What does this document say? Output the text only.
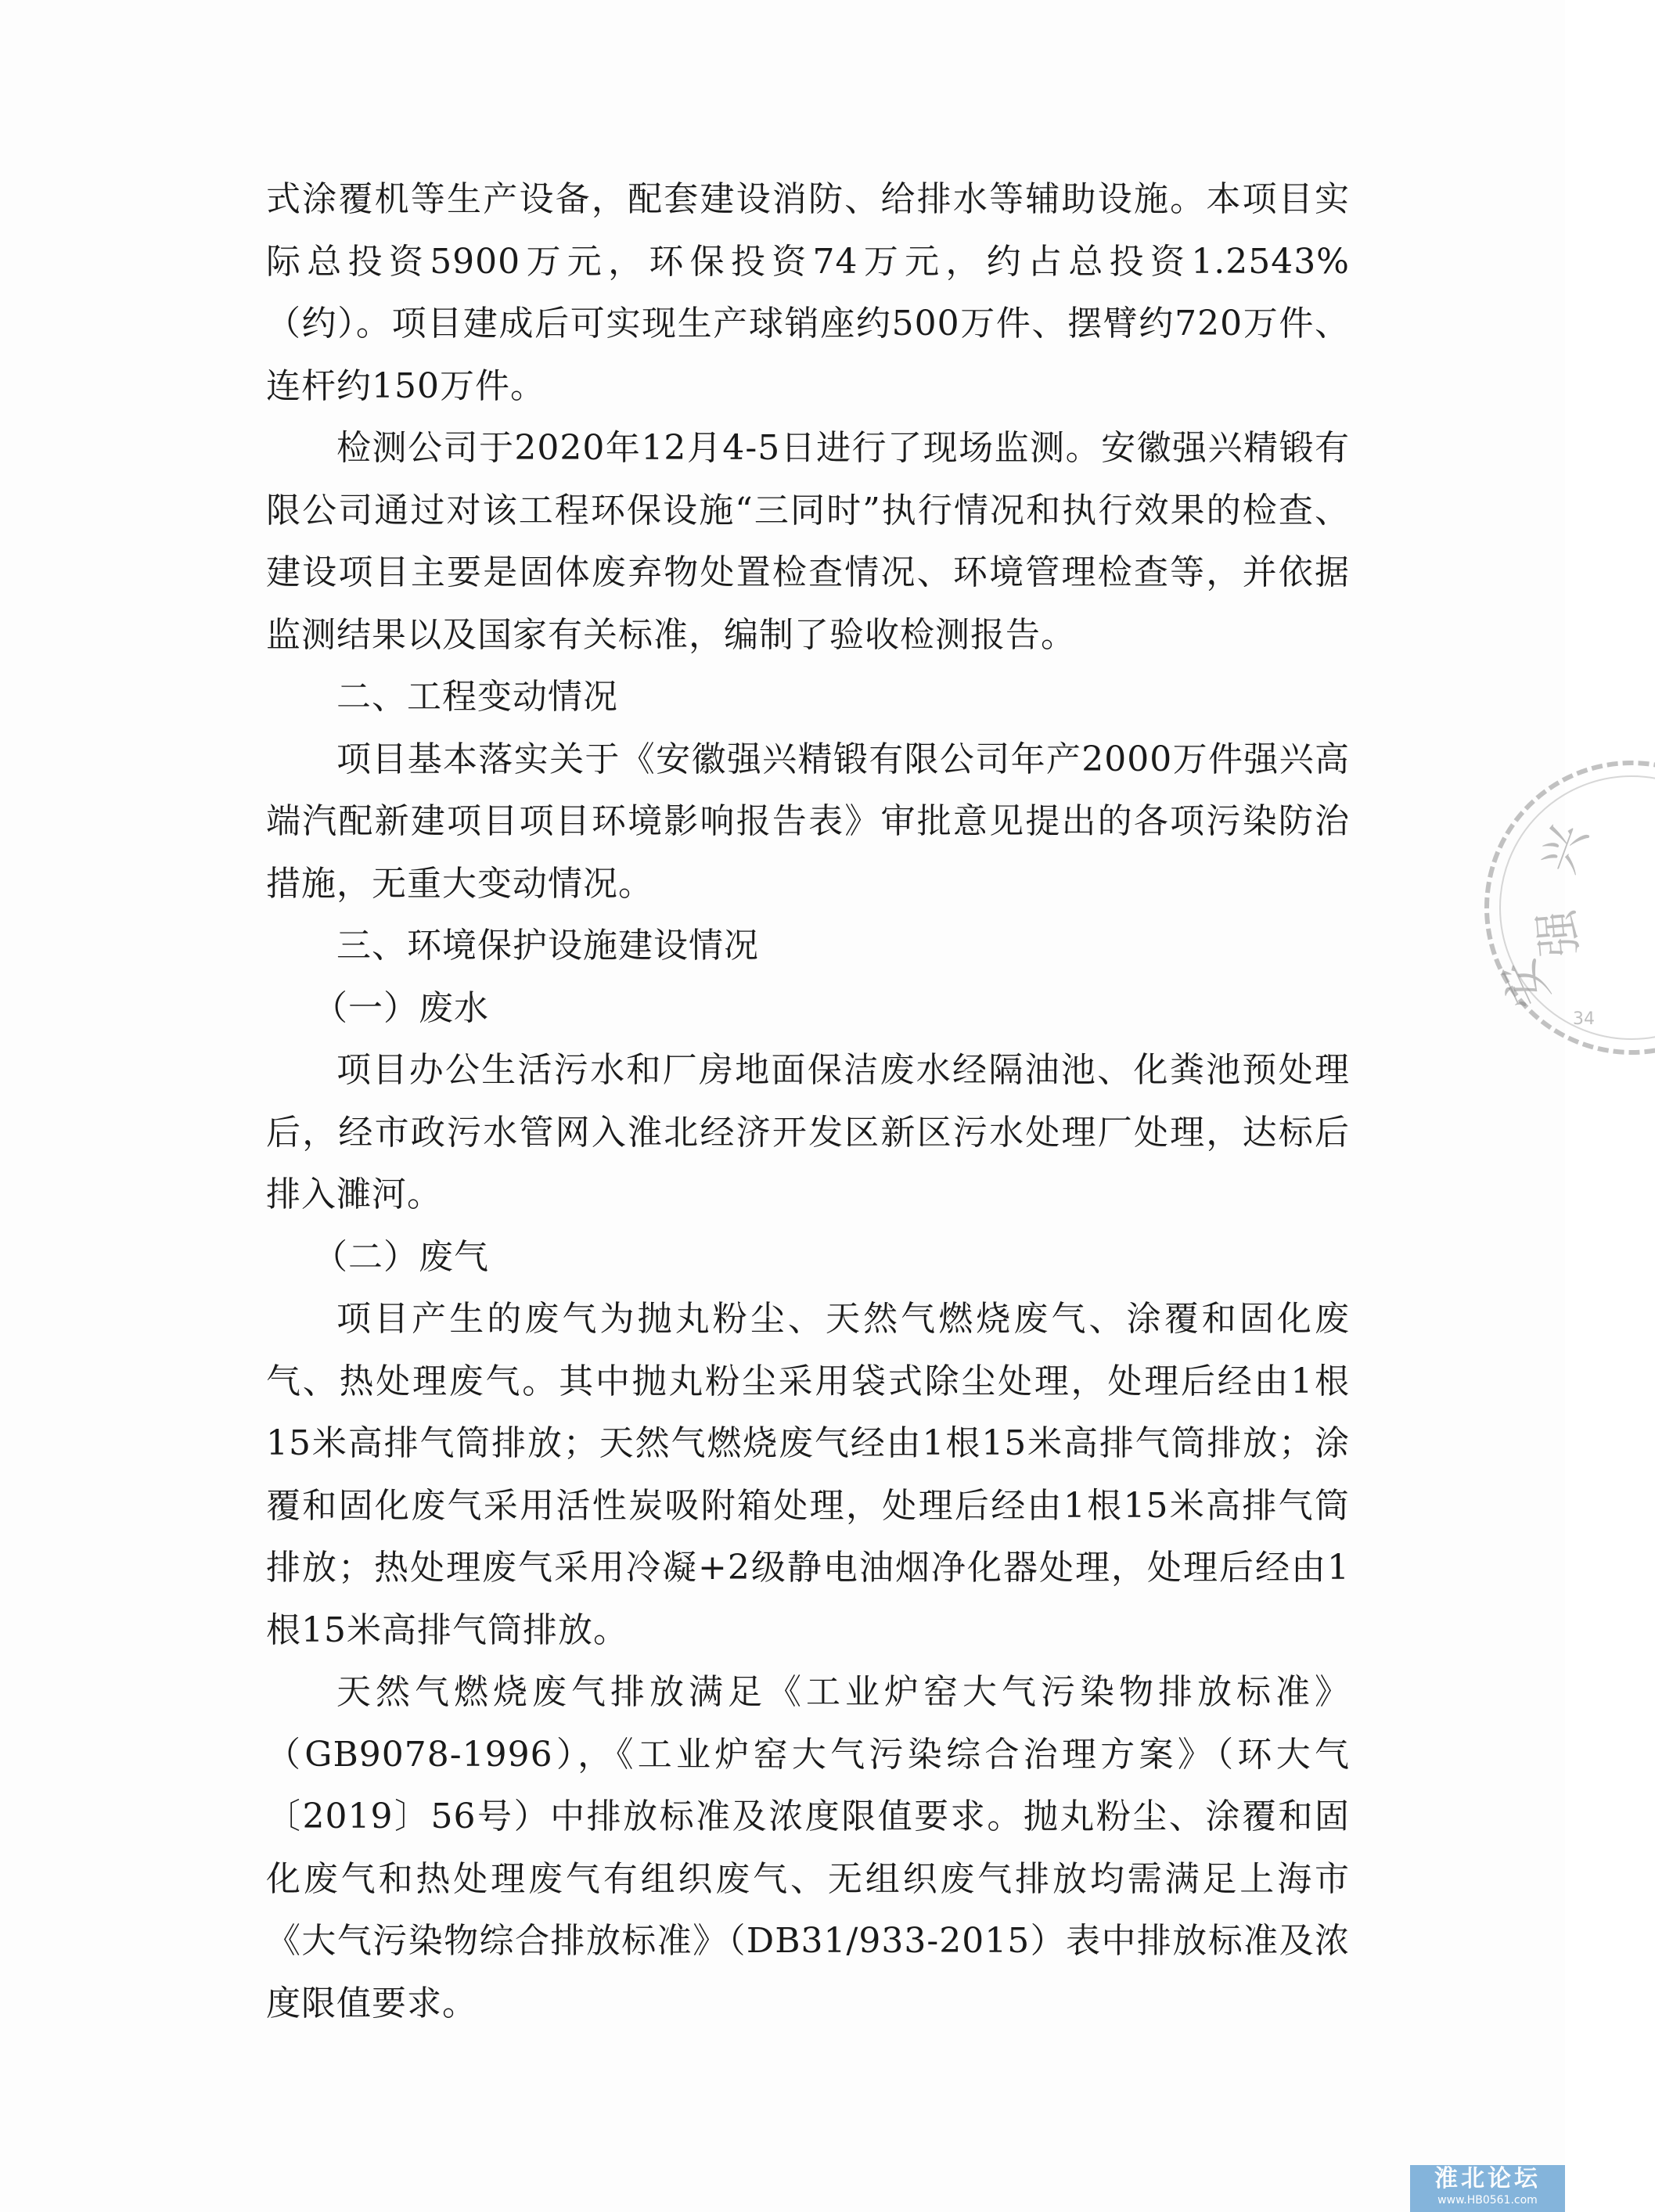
式涂覆机等生产设备，配套建设消防、给排水等辅助设施。本项目实际总投资5900万元，环保投资74万元，约占总投资1.2543%（约）。项目建成后可实现生产球销座约500万件、摆臂约720万件、连杆约150万件。

检测公司于2020年12月4-5日进行了现场监测。安徽强兴精锻有限公司通过对该工程环保设施“三同时”执行情况和执行效果的检查、建设项目主要是固体废弃物处置检查情况、环境管理检查等，并依据监测结果以及国家有关标准，编制了验收检测报告。

二、工程变动情况

项目基本落实关于《安徽强兴精锻有限公司年产2000万件强兴高端汽配新建项目项目环境影响报告表》审批意见提出的各项污染防治措施，无重大变动情况。

三、环境保护设施建设情况

（一）废水

项目办公生活污水和厂房地面保洁废水经隔油池、化粪池预处理后，经市政污水管网入淮北经济开发区新区污水处理厂处理，达标后排入濉河。

（二）废气

项目产生的废气为抛丸粉尘、天然气燃烧废气、涂覆和固化废气、热处理废气。其中抛丸粉尘采用袋式除尘处理，处理后经由1根15米高排气筒排放；天然气燃烧废气经由1根15米高排气筒排放；涂覆和固化废气采用活性炭吸附箱处理，处理后经由1根15米高排气筒排放；热处理废气采用冷凝+2级静电油烟净化器处理，处理后经由1根15米高排气筒排放。

天然气燃烧废气排放满足《工业炉窑大气污染物排放标准》（GB9078-1996），《工业炉窑大气污染综合治理方案》（环大气〔2019〕56号）中排放标准及浓度限值要求。抛丸粉尘、涂覆和固化废气和热处理废气有组织废气、无组织废气排放均需满足上海市《大气污染物综合排放标准》（DB31/933-2015）表中排放标准及浓度限值要求。

兴
强
安
34
淮北论坛
www.HB0561.com
